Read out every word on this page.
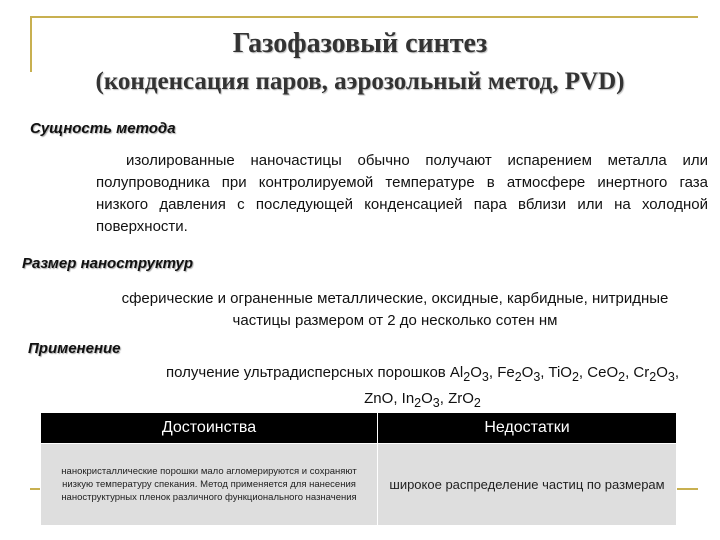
Газофазовый синтез
(конденсация паров, аэрозольный метод, PVD)
Сущность метода
изолированные наночастицы обычно получают испарением металла или полупроводника при контролируемой температуре в атмосфере инертного газа низкого давления с последующей конденсацией пара вблизи или на холодной поверхности.
Размер наноструктур
сферические и ограненные металлические, оксидные, карбидные, нитридные частицы размером от 2 до несколько сотен нм
Применение
получение ультрадисперсных порошков $Al_2O_3$, $Fe_2O_3$, TiO$_2$, CeO$_2$, $Cr_2O_3$, ZnO, $In_2O_3$, ZrO$_2$
Достоинства	Недостатки
нанокристаллические порошки мало агломерируются и сохраняют низкую температуру спекания. Метод применяется для нанесения наноструктурных пленок различного функционального назначения	широкое распределение частиц по размерам
